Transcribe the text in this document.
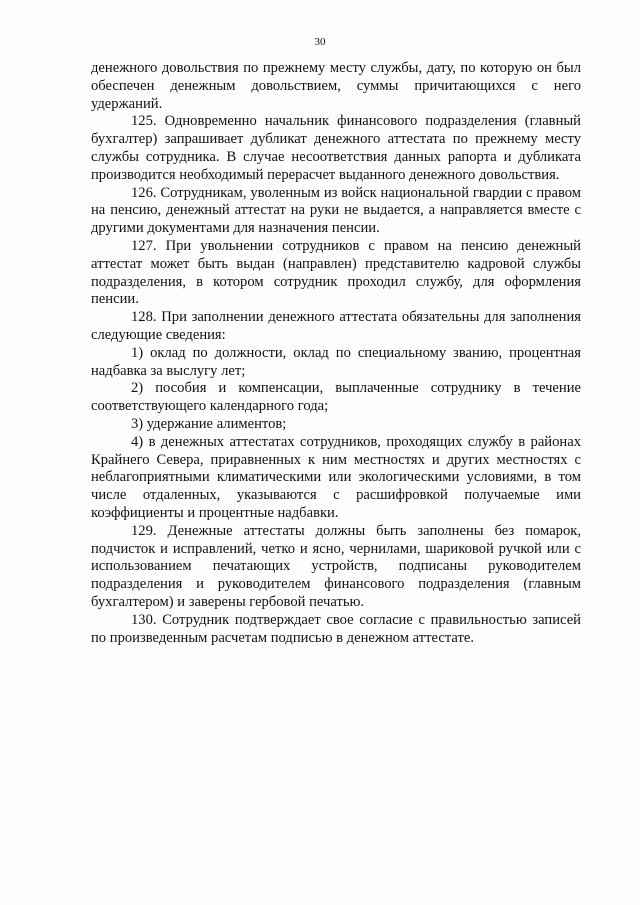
30

денежного довольствия по прежнему месту службы, дату, по которую он был обеспечен денежным довольствием, суммы причитающихся с него удержаний.

125. Одновременно начальник финансового подразделения (главный бухгалтер) запрашивает дубликат денежного аттестата по прежнему месту службы сотрудника. В случае несоответствия данных рапорта и дубликата производится необходимый перерасчет выданного денежного довольствия.

126. Сотрудникам, уволенным из войск национальной гвардии с правом на пенсию, денежный аттестат на руки не выдается, а направляется вместе с другими документами для назначения пенсии.

127. При увольнении сотрудников с правом на пенсию денежный аттестат может быть выдан (направлен) представителю кадровой службы подразделения, в котором сотрудник проходил службу, для оформления пенсии.

128. При заполнении денежного аттестата обязательны для заполнения следующие сведения:

1) оклад по должности, оклад по специальному званию, процентная надбавка за выслугу лет;

2) пособия и компенсации, выплаченные сотруднику в течение соответствующего календарного года;

3) удержание алиментов;

4) в денежных аттестатах сотрудников, проходящих службу в районах Крайнего Севера, приравненных к ним местностях и других местностях с неблагоприятными климатическими или экологическими условиями, в том числе отдаленных, указываются с расшифровкой получаемые ими коэффициенты и процентные надбавки.

129. Денежные аттестаты должны быть заполнены без помарок, подчисток и исправлений, четко и ясно, чернилами, шариковой ручкой или с использованием печатающих устройств, подписаны руководителем подразделения и руководителем финансового подразделения (главным бухгалтером) и заверены гербовой печатью.

130. Сотрудник подтверждает свое согласие с правильностью записей по произведенным расчетам подписью в денежном аттестате.
